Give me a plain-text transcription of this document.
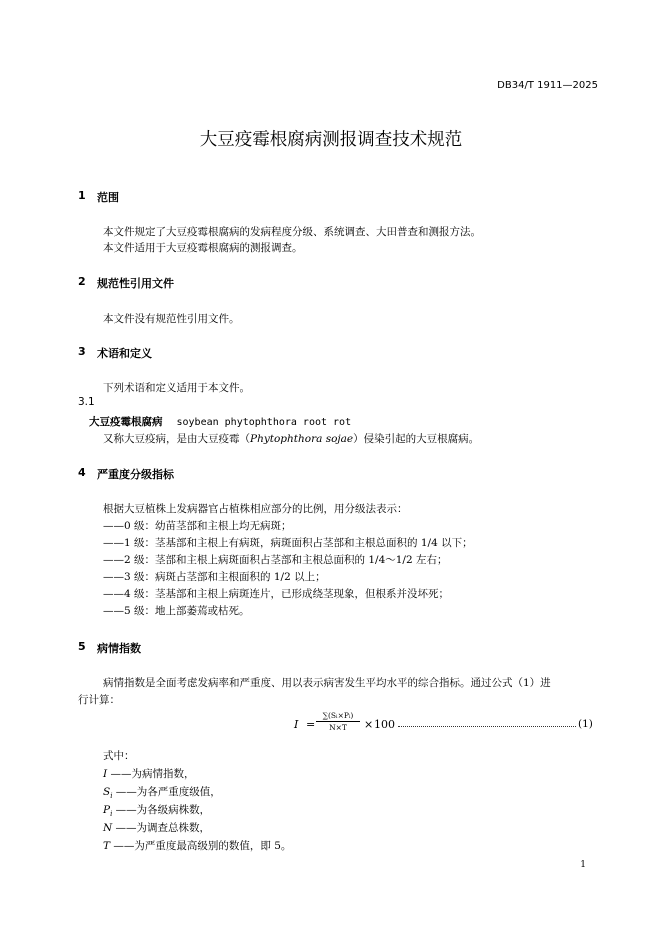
DB34/T 1911—2025
大豆疫霉根腐病测报调查技术规范
1 范围
本文件规定了大豆疫霉根腐病的发病程度分级、系统调查、大田普查和测报方法。
本文件适用于大豆疫霉根腐病的测报调查。
2 规范性引用文件
本文件没有规范性引用文件。
3 术语和定义
下列术语和定义适用于本文件。
3.1
大豆疫霉根腐病 soybean phytophthora root rot
又称大豆疫病，是由大豆疫霉（Phytophthora sojae）侵染引起的大豆根腐病。
4 严重度分级指标
根据大豆植株上发病器官占植株相应部分的比例，用分级法表示：
——0 级：幼苗茎部和主根上均无病斑；
——1 级：茎基部和主根上有病斑，病斑面积占茎部和主根总面积的 1/4 以下；
——2 级：茎部和主根上病斑面积占茎部和主根总面积的 1/4～1/2 左右；
——3 级：病斑占茎部和主根面积的 1/2 以上；
——4 级：茎基部和主根上病斑连片，已形成绕茎现象，但根系并没坏死；
——5 级：地上部萎蔫或枯死。
5 病情指数
病情指数是全面考虑发病率和严重度、用以表示病害发生平均水平的综合指标。通过公式（1）进
行计算：
$I = \frac{\text{∑(Sᵢ×Pᵢ)}}{N\times T} \times 100$	(1)
式中：
I ——为病情指数，
$S_i$ ——为各严重度级值，
$P_i$ ——为各级病株数，
N ——为调查总株数，
T ——为严重度最高级别的数值，即 5。
1
